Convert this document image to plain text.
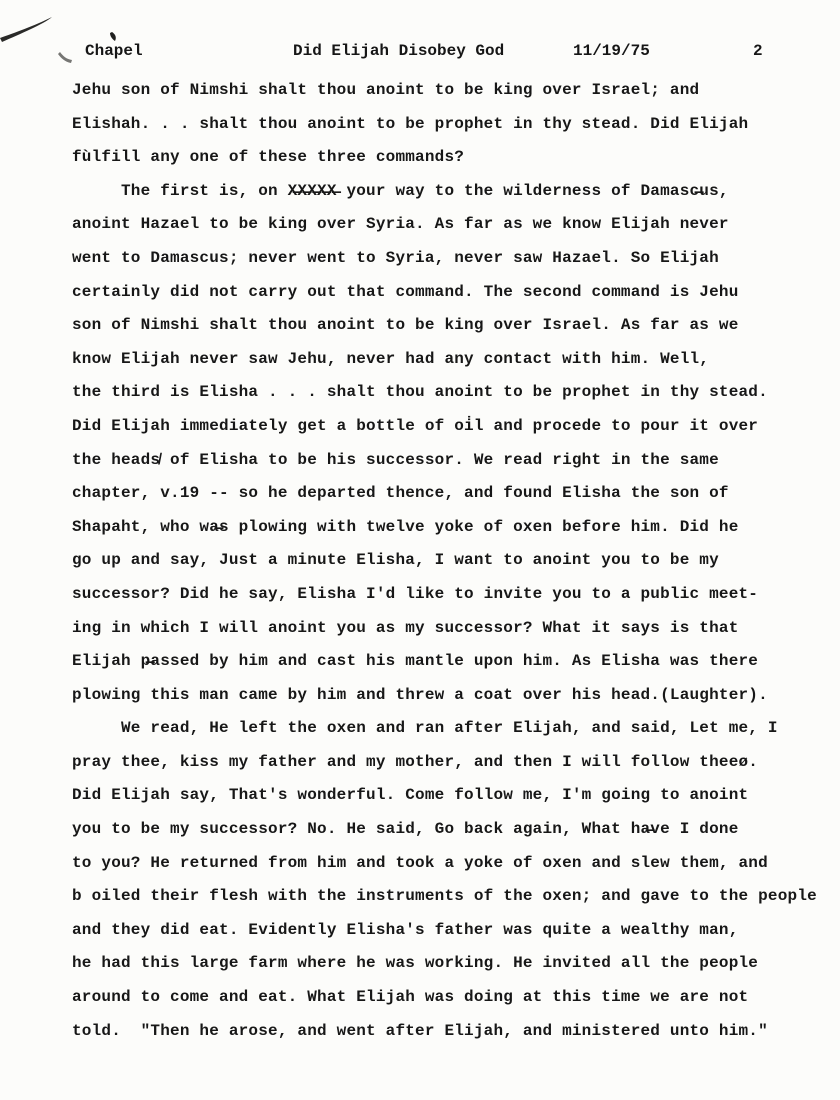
Chapel

	Did Elijah Disobey God

	11/19/75

	2

Jehu son of Nimshi shalt thou anoint to be king over Israel; and
Elishah. . . shalt thou anoint to be prophet in thy stead. Did Elijah
fùlfill any one of these three commands?
The first is, on X̶X̶X̶X̶X̶ your way to the wilderness of Damasc̶us,
anoint Hazael to be king over Syria. As far as we know Elijah never
went to Damascus; never went to Syria, never saw Hazael. So Elijah
certainly did not carry out that command. The second command is Jehu
son of Nimshi shalt thou anoint to be king over Israel. As far as we
know Elijah never saw Jehu, never had any contact with him. Well,
the third is Elisha . . . shalt thou anoint to be prophet in thy stead.
Did Elijah immediately get a bottle of oi̇l and procede to pour it over
the heads̸ of Elisha to be his successor. We read right in the same
chapter, v.19 -- so he departed thence, and found Elisha the son of
Shapaht, who wa̶s plowing with twelve yoke of oxen before him. Did he
go up and say, Just a minute Elisha, I want to anoint you to be my
successor? Did he say, Elisha I'd like to invite you to a public meet-
ing in which I will anoint you as my successor? What it says is that
Elijah p̶assed by him and cast his mantle upon him. As Elisha was there
plowing this man came by him and threw a coat over his head.(Laughter).
We read, He left the oxen and ran after Elijah, and said, Let me, I
pray thee, kiss my father and my mother, and then I will follow theeø.
Did Elijah say, That's wonderful. Come follow me, I'm going to anoint
you to be my successor? No. He said, Go back again, What ha̶ve I done
to you? He returned from him and took a yoke of oxen and slew them, and
b oiled their flesh with the instruments of the oxen; and gave to the people
and they did eat. Evidently Elisha's father was quite a wealthy man,
he had this large farm where he was working. He invited all the people
around to come and eat. What Elijah was doing at this time we are not
told.  "Then he arose, and went after Elijah, and ministered unto him."
